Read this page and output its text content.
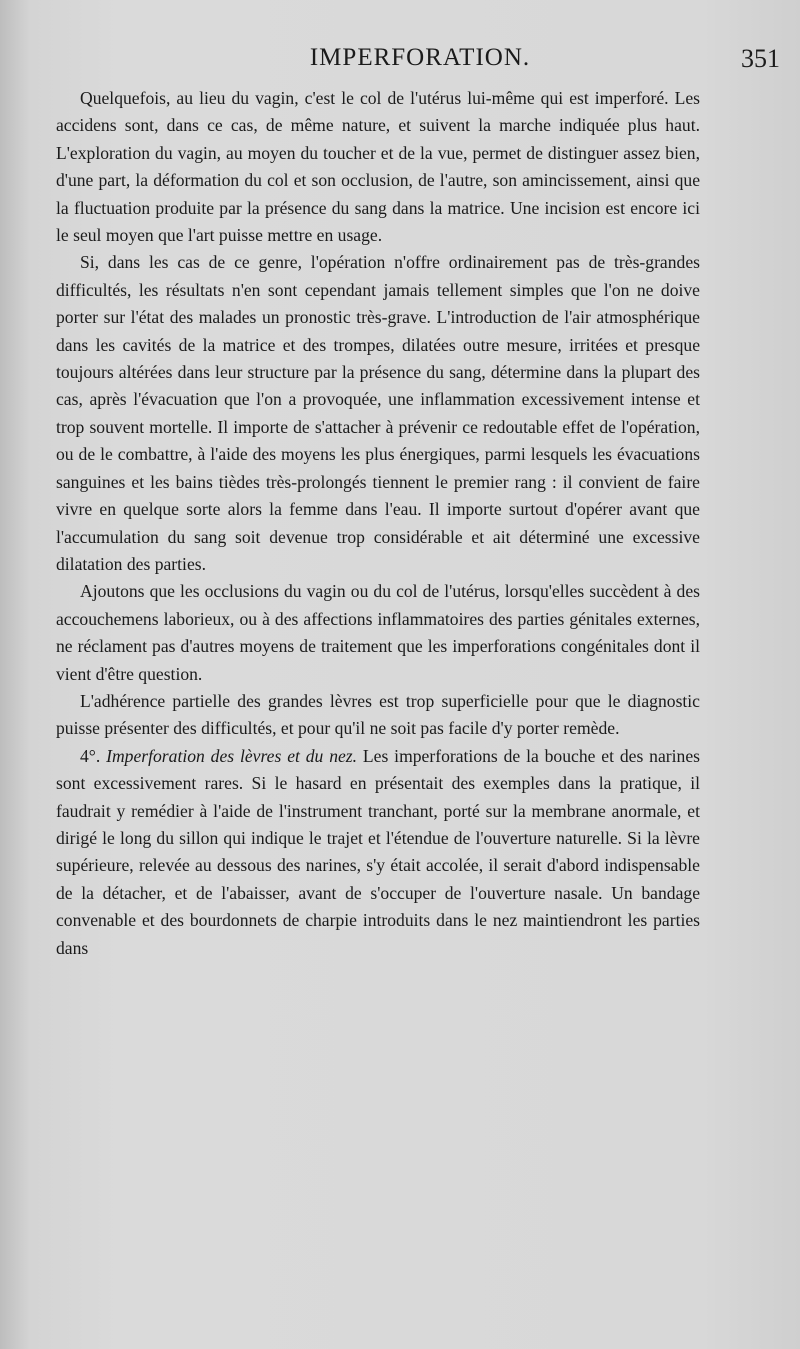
IMPERFORATION.	351

Quelquefois, au lieu du vagin, c'est le col de l'utérus lui-même qui est imperforé. Les accidens sont, dans ce cas, de même nature, et suivent la marche indiquée plus haut. L'exploration du vagin, au moyen du toucher et de la vue, permet de distinguer assez bien, d'une part, la déformation du col et son occlusion, de l'autre, son amincissement, ainsi que la fluctuation produite par la présence du sang dans la matrice. Une incision est encore ici le seul moyen que l'art puisse mettre en usage.

Si, dans les cas de ce genre, l'opération n'offre ordinairement pas de très-grandes difficultés, les résultats n'en sont cependant jamais tellement simples que l'on ne doive porter sur l'état des malades un pronostic très-grave. L'introduction de l'air atmosphérique dans les cavités de la matrice et des trompes, dilatées outre mesure, irritées et presque toujours altérées dans leur structure par la présence du sang, détermine dans la plupart des cas, après l'évacuation que l'on a provoquée, une inflammation excessivement intense et trop souvent mortelle. Il importe de s'attacher à prévenir ce redoutable effet de l'opération, ou de le combattre, à l'aide des moyens les plus énergiques, parmi lesquels les évacuations sanguines et les bains tièdes très-prolongés tiennent le premier rang : il convient de faire vivre en quelque sorte alors la femme dans l'eau. Il importe surtout d'opérer avant que l'accumulation du sang soit devenue trop considérable et ait déterminé une excessive dilatation des parties.

Ajoutons que les occlusions du vagin ou du col de l'utérus, lorsqu'elles succèdent à des accouchemens laborieux, ou à des affections inflammatoires des parties génitales externes, ne réclament pas d'autres moyens de traitement que les imperforations congénitales dont il vient d'être question.

L'adhérence partielle des grandes lèvres est trop superficielle pour que le diagnostic puisse présenter des difficultés, et pour qu'il ne soit pas facile d'y porter remède.

4°. Imperforation des lèvres et du nez. Les imperforations de la bouche et des narines sont excessivement rares. Si le hasard en présentait des exemples dans la pratique, il faudrait y remédier à l'aide de l'instrument tranchant, porté sur la membrane anormale, et dirigé le long du sillon qui indique le trajet et l'étendue de l'ouverture naturelle. Si la lèvre supérieure, relevée au dessous des narines, s'y était accolée, il serait d'abord indispensable de la détacher, et de l'abaisser, avant de s'occuper de l'ouverture nasale. Un bandage convenable et des bourdonnets de charpie introduits dans le nez maintiendront les parties dans
